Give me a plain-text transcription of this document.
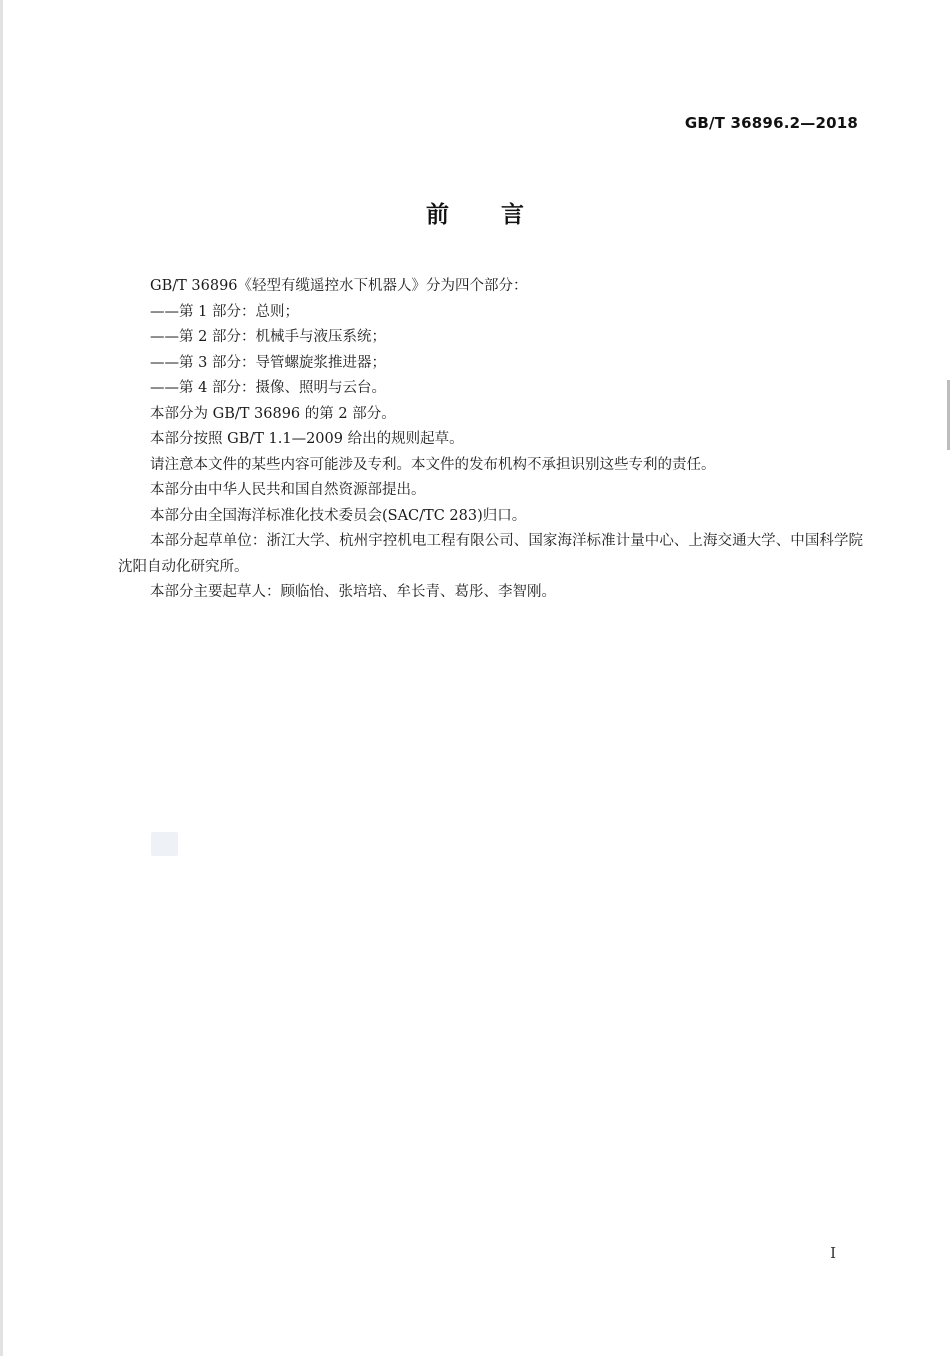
GB/T 36896.2—2018
前言

GB/T 36896《轻型有缆遥控水下机器人》分为四个部分：

——第 1 部分：总则；

——第 2 部分：机械手与液压系统；

——第 3 部分：导管螺旋浆推进器；

——第 4 部分：摄像、照明与云台。

本部分为 GB/T 36896 的第 2 部分。

本部分按照 GB/T 1.1—2009 给出的规则起草。

请注意本文件的某些内容可能涉及专利。本文件的发布机构不承担识别这些专利的责任。

本部分由中华人民共和国自然资源部提出。

本部分由全国海洋标准化技术委员会(SAC/TC 283)归口。

本部分起草单位：浙江大学、杭州宇控机电工程有限公司、国家海洋标准计量中心、上海交通大学、中国科学院沈阳自动化研究所。

本部分主要起草人：顾临怡、张培培、牟长青、葛彤、李智刚。

I
